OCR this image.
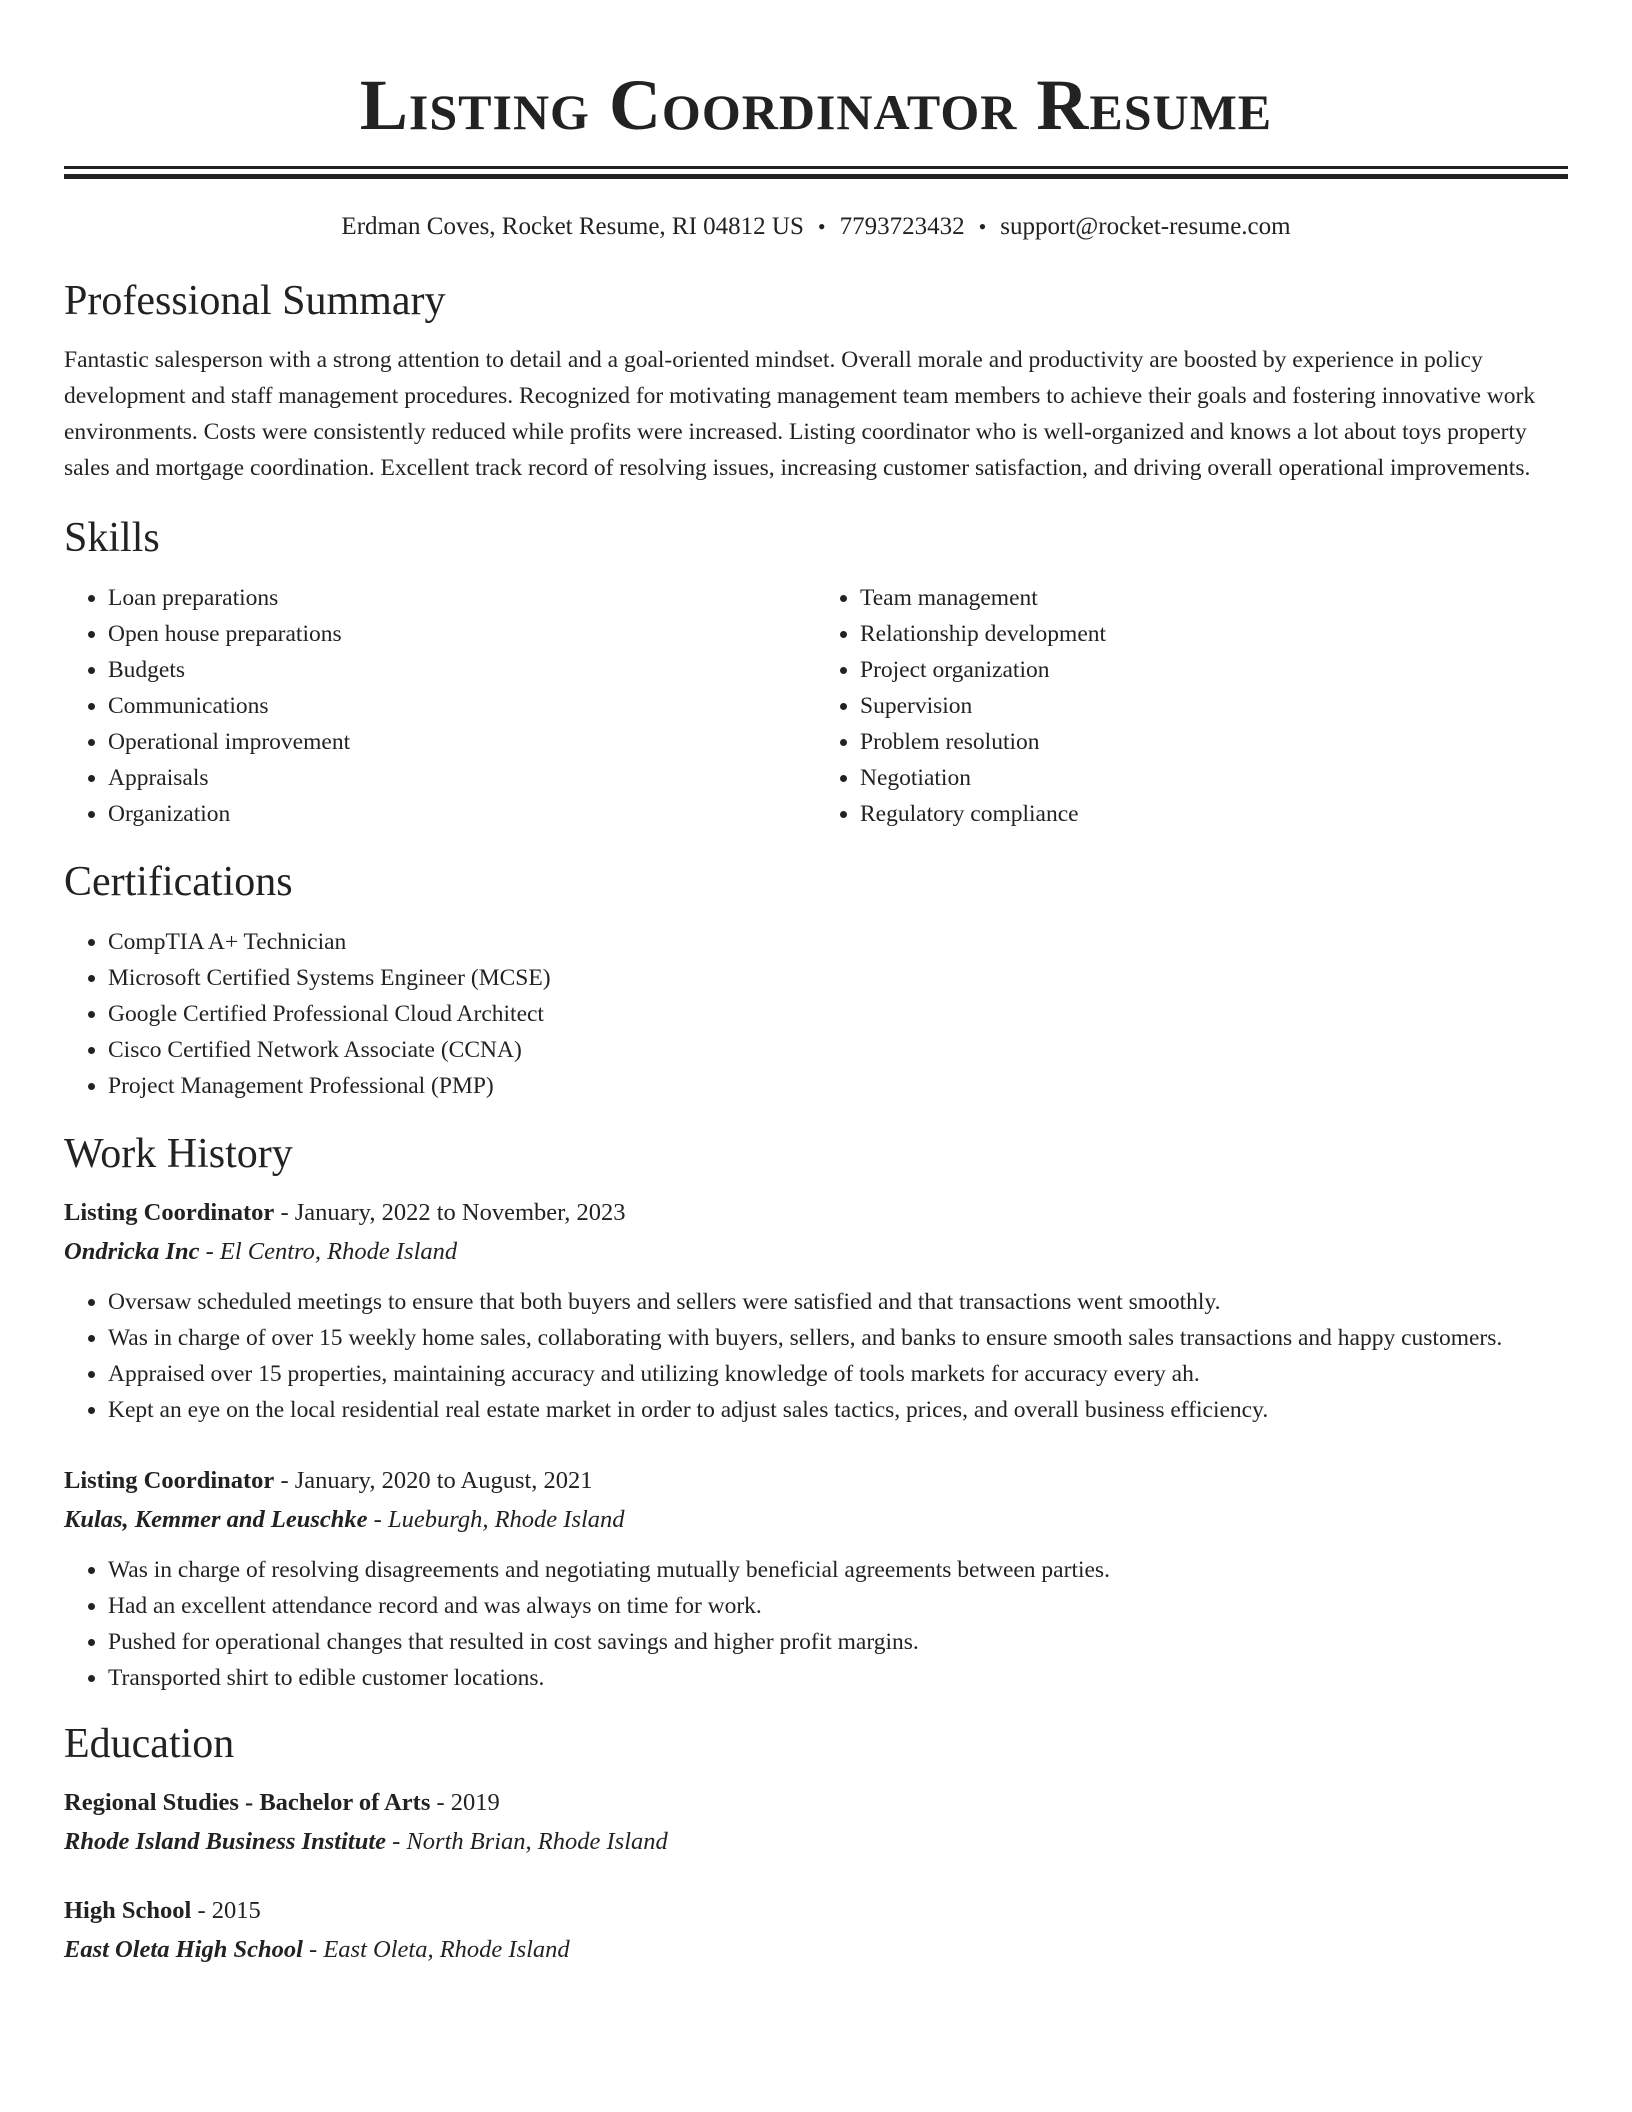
Listing Coordinator Resume
Erdman Coves, Rocket Resume, RI 04812 US • 7793723432 • support@rocket-resume.com
Professional Summary

Fantastic salesperson with a strong attention to detail and a goal-oriented mindset. Overall morale and productivity are boosted by experience in policy development and staff management procedures. Recognized for motivating management team members to achieve their goals and fostering innovative work environments. Costs were consistently reduced while profits were increased. Listing coordinator who is well-organized and knows a lot about toys property sales and mortgage coordination. Excellent track record of resolving issues, increasing customer satisfaction, and driving overall operational improvements.

Skills
• Loan preparations
• Open house preparations
• Budgets
• Communications
• Operational improvement
• Appraisals
• Organization
• Team management
• Relationship development
• Project organization
• Supervision
• Problem resolution
• Negotiation
• Regulatory compliance
Certifications
• CompTIA A+ Technician
• Microsoft Certified Systems Engineer (MCSE)
• Google Certified Professional Cloud Architect
• Cisco Certified Network Associate (CCNA)
• Project Management Professional (PMP)
Work History
Listing Coordinator - January, 2022 to November, 2023
Ondricka Inc - El Centro, Rhode Island
• Oversaw scheduled meetings to ensure that both buyers and sellers were satisfied and that transactions went smoothly.
• Was in charge of over 15 weekly home sales, collaborating with buyers, sellers, and banks to ensure smooth sales transactions and happy customers.
• Appraised over 15 properties, maintaining accuracy and utilizing knowledge of tools markets for accuracy every ah.
• Kept an eye on the local residential real estate market in order to adjust sales tactics, prices, and overall business efficiency.
Listing Coordinator - January, 2020 to August, 2021
Kulas, Kemmer and Leuschke - Lueburgh, Rhode Island
• Was in charge of resolving disagreements and negotiating mutually beneficial agreements between parties.
• Had an excellent attendance record and was always on time for work.
• Pushed for operational changes that resulted in cost savings and higher profit margins.
• Transported shirt to edible customer locations.
Education
Regional Studies - Bachelor of Arts - 2019
Rhode Island Business Institute - North Brian, Rhode Island
High School - 2015
East Oleta High School - East Oleta, Rhode Island
